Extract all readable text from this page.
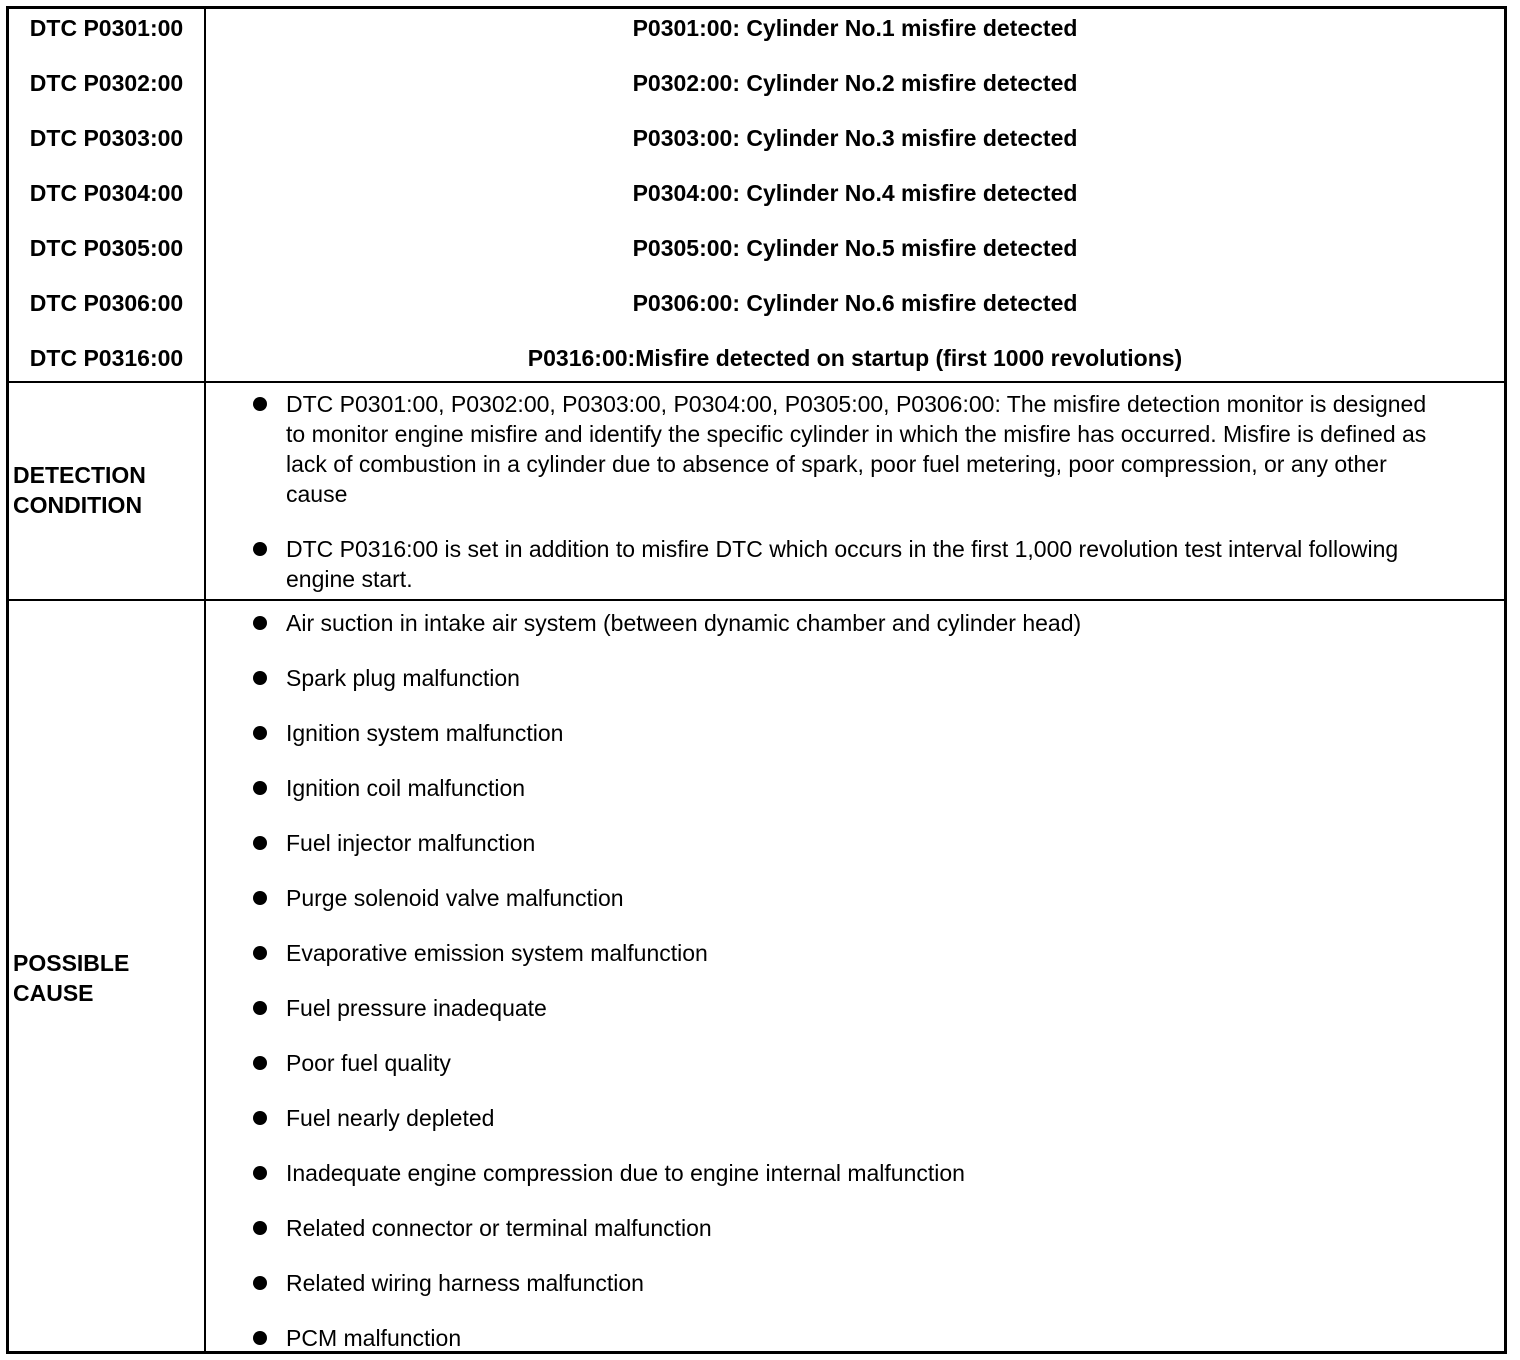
DTC P0301:00
DTC P0302:00
DTC P0303:00
DTC P0304:00
DTC P0305:00
DTC P0306:00
DTC P0316:00
P0301:00: Cylinder No.1 misfire detected
P0302:00: Cylinder No.2 misfire detected
P0303:00: Cylinder No.3 misfire detected
P0304:00: Cylinder No.4 misfire detected
P0305:00: Cylinder No.5 misfire detected
P0306:00: Cylinder No.6 misfire detected
P0316:00:Misfire detected on startup (first 1000 revolutions)
DETECTION
CONDITION
DTC P0301:00, P0302:00, P0303:00, P0304:00, P0305:00, P0306:00: The misfire detection monitor is designed to monitor engine misfire and identify the specific cylinder in which the misfire has occurred. Misfire is defined as lack of combustion in a cylinder due to absence of spark, poor fuel metering, poor compression, or any other cause
DTC P0316:00 is set in addition to misfire DTC which occurs in the first 1,000 revolution test interval following engine start.
POSSIBLE
CAUSE
Air suction in intake air system (between dynamic chamber and cylinder head)
Spark plug malfunction
Ignition system malfunction
Ignition coil malfunction
Fuel injector malfunction
Purge solenoid valve malfunction
Evaporative emission system malfunction
Fuel pressure inadequate
Poor fuel quality
Fuel nearly depleted
Inadequate engine compression due to engine internal malfunction
Related connector or terminal malfunction
Related wiring harness malfunction
PCM malfunction
